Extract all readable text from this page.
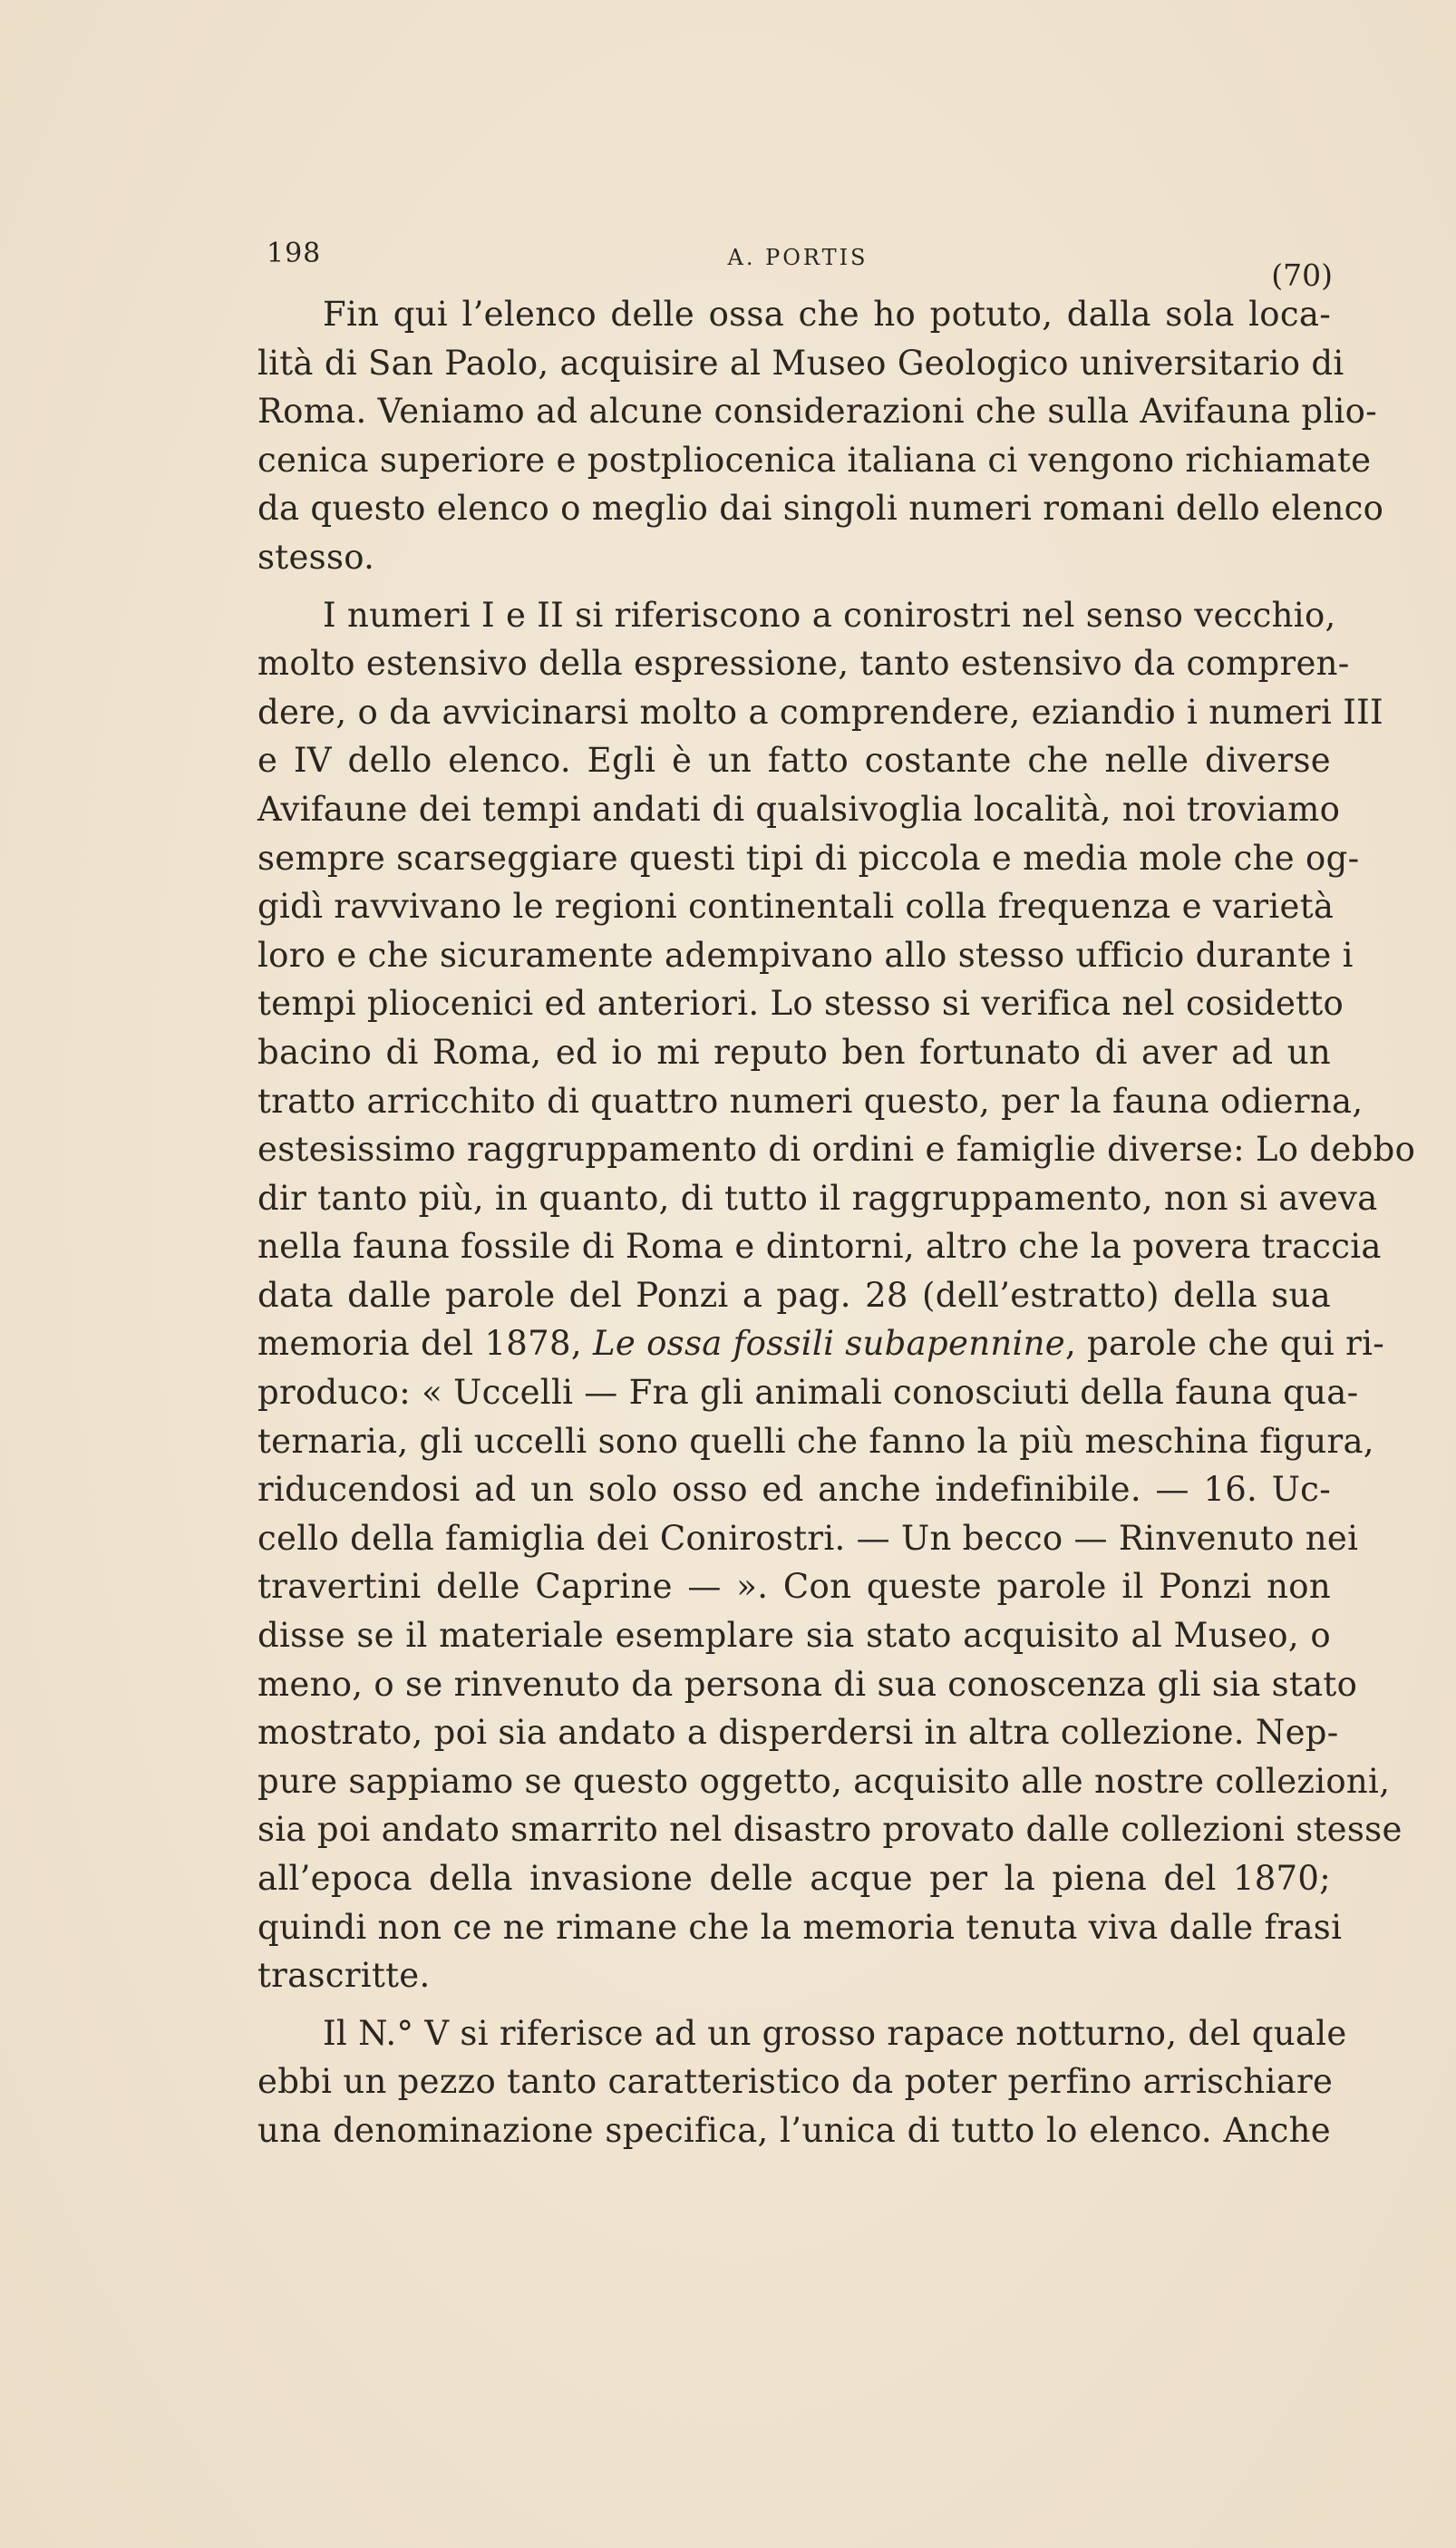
198	A. PORTIS	(70)
Fin qui l’elenco delle ossa che ho potuto, dalla sola loca-
lità di San Paolo, acquisire al Museo Geologico universitario di
Roma. Veniamo ad alcune considerazioni che sulla Avifauna plio-
cenica superiore e postpliocenica italiana ci vengono richiamate
da questo elenco o meglio dai singoli numeri romani dello elenco
stesso.
I numeri I e II si riferiscono a conirostri nel senso vecchio,
molto estensivo della espressione, tanto estensivo da compren-
dere, o da avvicinarsi molto a comprendere, eziandio i numeri III
e IV dello elenco. Egli è un fatto costante che nelle diverse
Avifaune dei tempi andati di qualsivoglia località, noi troviamo
sempre scarseggiare questi tipi di piccola e media mole che og-
gidì ravvivano le regioni continentali colla frequenza e varietà
loro e che sicuramente adempivano allo stesso ufficio durante i
tempi pliocenici ed anteriori. Lo stesso si verifica nel cosidetto
bacino di Roma, ed io mi reputo ben fortunato di aver ad un
tratto arricchito di quattro numeri questo, per la fauna odierna,
estesissimo raggruppamento di ordini e famiglie diverse: Lo debbo
dir tanto più, in quanto, di tutto il raggruppamento, non si aveva
nella fauna fossile di Roma e dintorni, altro che la povera traccia
data dalle parole del Ponzi a pag. 28 (dell’estratto) della sua
memoria del 1878, Le ossa fossili subapennine, parole che qui ri-
produco: « Uccelli — Fra gli animali conosciuti della fauna qua-
ternaria, gli uccelli sono quelli che fanno la più meschina figura,
riducendosi ad un solo osso ed anche indefinibile. — 16. Uc-
cello della famiglia dei Conirostri. — Un becco — Rinvenuto nei
travertini delle Caprine — ». Con queste parole il Ponzi non
disse se il materiale esemplare sia stato acquisito al Museo, o
meno, o se rinvenuto da persona di sua conoscenza gli sia stato
mostrato, poi sia andato a disperdersi in altra collezione. Nep-
pure sappiamo se questo oggetto, acquisito alle nostre collezioni,
sia poi andato smarrito nel disastro provato dalle collezioni stesse
all’epoca della invasione delle acque per la piena del 1870;
quindi non ce ne rimane che la memoria tenuta viva dalle frasi
trascritte.
Il N.° V si riferisce ad un grosso rapace notturno, del quale
ebbi un pezzo tanto caratteristico da poter perfino arrischiare
una denominazione specifica, l’unica di tutto lo elenco. Anche
